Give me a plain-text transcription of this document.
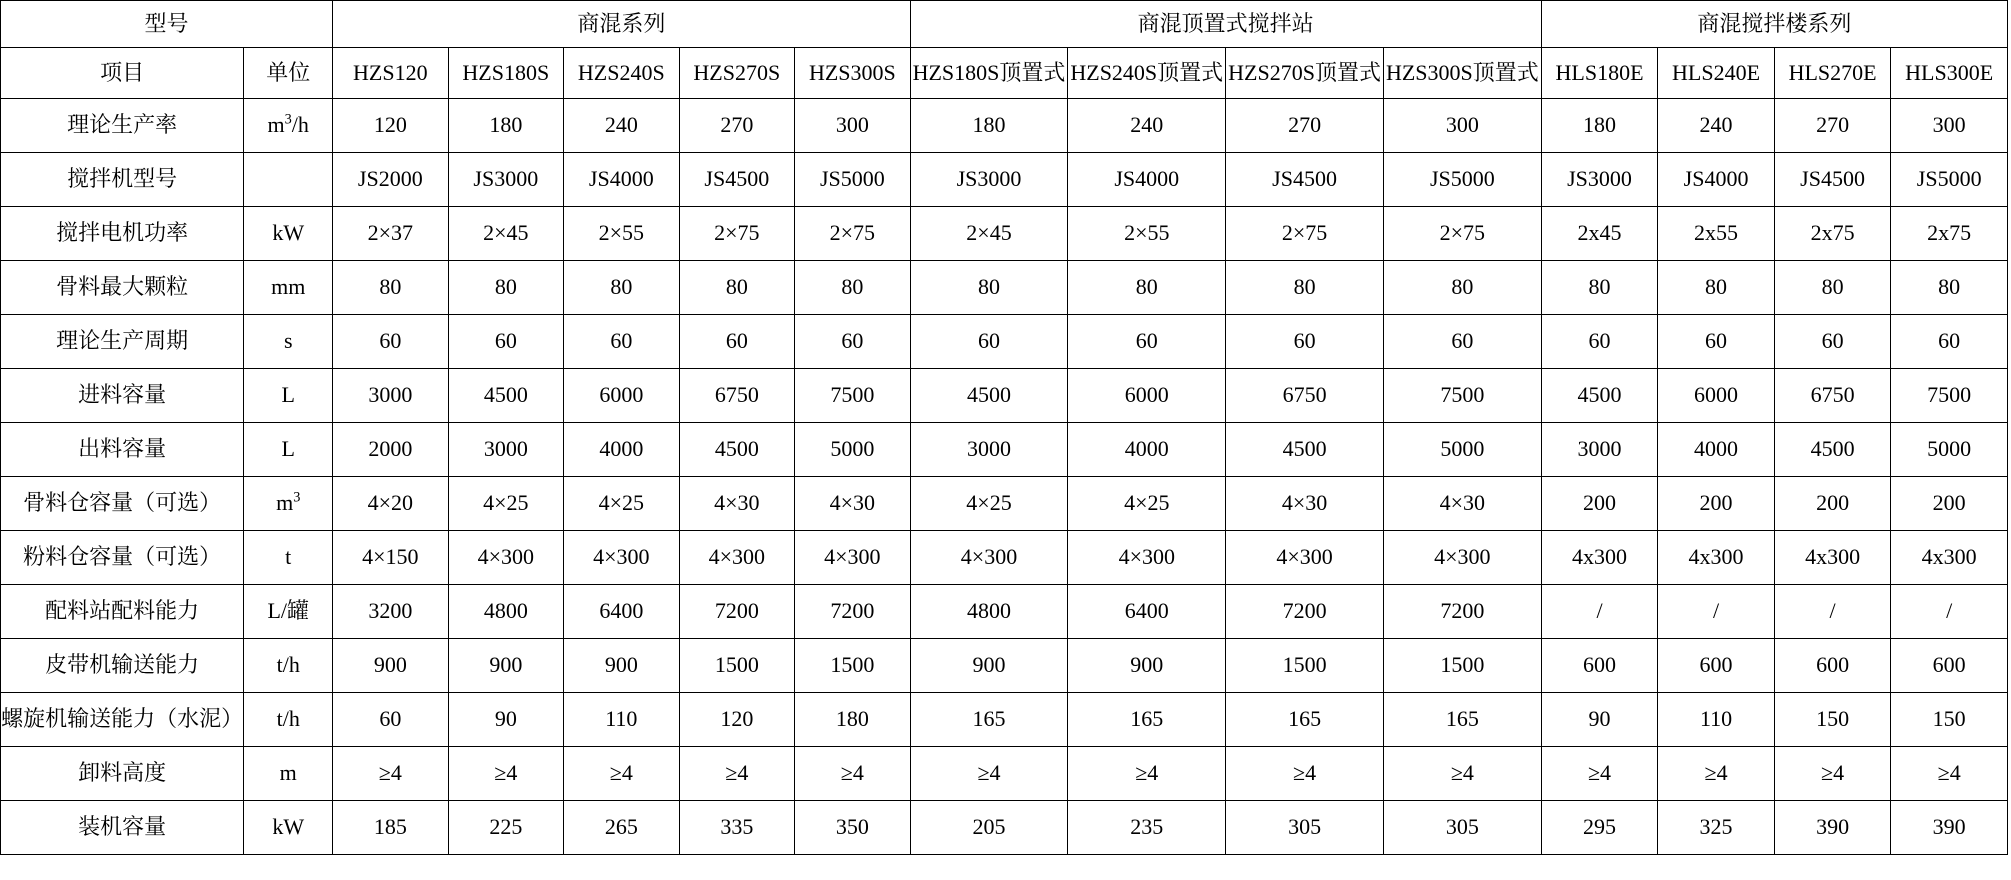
型号		商混系列					商混顶置式搅拌站				商混搅拌楼系列			
项目	单位	HZS120	HZS180S	HZS240S	HZS270S	HZS300S	HZS180S顶置式	HZS240S顶置式	HZS270S顶置式	HZS300S顶置式	HLS180E	HLS240E	HLS270E	HLS300E
理论生产率	$m^3/h$	120	180	240	270	300	180	240	270	300	180	240	270	300
搅拌机型号		JS2000	JS3000	JS4000	JS4500	JS5000	JS3000	JS4000	JS4500	JS5000	JS3000	JS4000	JS4500	JS5000
搅拌电机功率	kW	2×37	2×45	2×55	2×75	2×75	2×45	2×55	2×75	2×75	2x45	2x55	2x75	2x75
骨料最大颗粒	mm	80	80	80	80	80	80	80	80	80	80	80	80	80
理论生产周期	s	60	60	60	60	60	60	60	60	60	60	60	60	60
进料容量	L	3000	4500	6000	6750	7500	4500	6000	6750	7500	4500	6000	6750	7500
出料容量	L	2000	3000	4000	4500	5000	3000	4000	4500	5000	3000	4000	4500	5000
骨料仓容量（可选）	$m^3$	4×20	4×25	4×25	4×30	4×30	4×25	4×25	4×30	4×30	200	200	200	200
粉料仓容量（可选）	t	4×150	4×300	4×300	4×300	4×300	4×300	4×300	4×300	4×300	4x300	4x300	4x300	4x300
配料站配料能力	L/罐	3200	4800	6400	7200	7200	4800	6400	7200	7200	/	/	/	/
皮带机输送能力	t/h	900	900	900	1500	1500	900	900	1500	1500	600	600	600	600
螺旋机输送能力（水泥）	t/h	60	90	110	120	180	165	165	165	165	90	110	150	150
卸料高度	m	≥4	≥4	≥4	≥4	≥4	≥4	≥4	≥4	≥4	≥4	≥4	≥4	≥4
装机容量	kW	185	225	265	335	350	205	235	305	305	295	325	390	390
